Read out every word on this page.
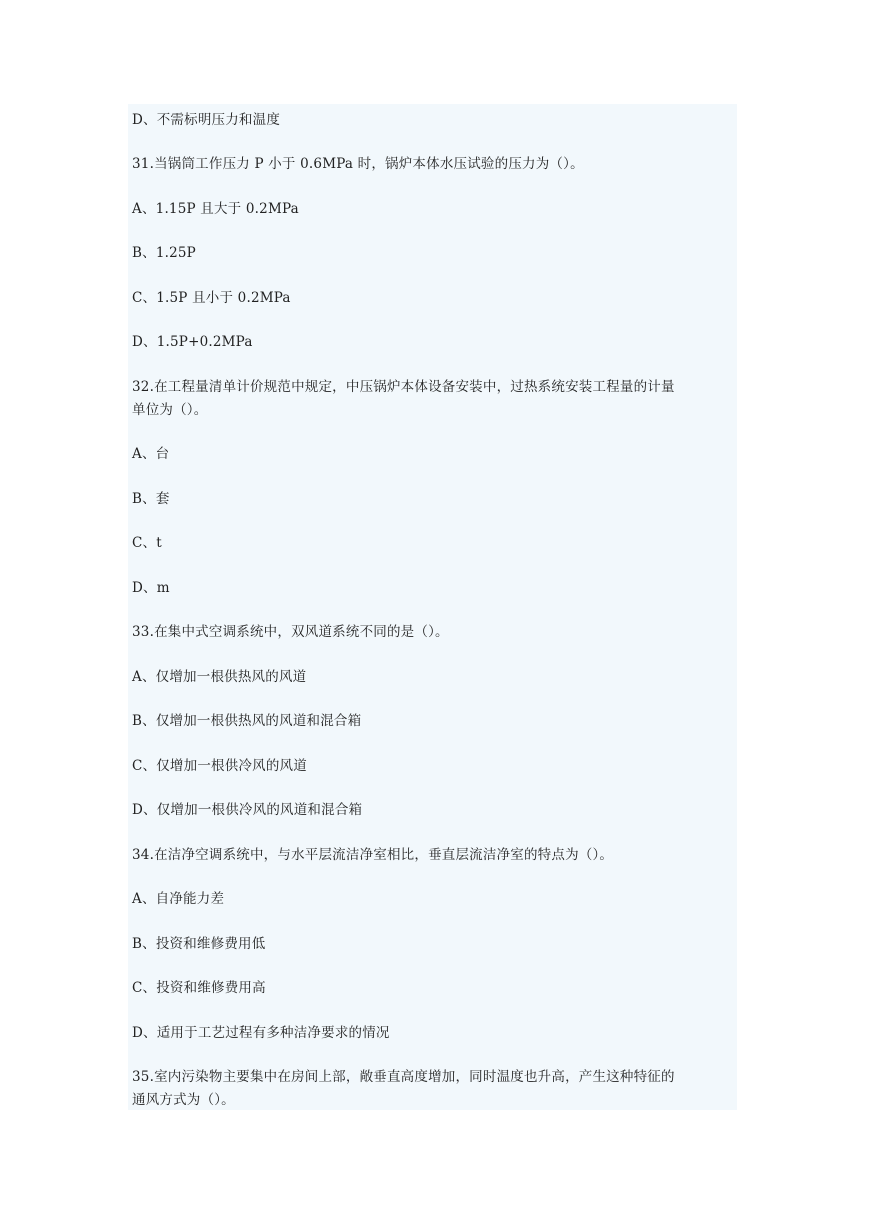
D、不需标明压力和温度
31.当锅筒工作压力 P 小于 0.6MPa 时，锅炉本体水压试验的压力为（）。
A、1.15P 且大于 0.2MPa
B、1.25P
C、1.5P 且小于 0.2MPa
D、1.5P+0.2MPa
32.在工程量清单计价规范中规定，中压锅炉本体设备安装中，过热系统安装工程量的计量
单位为（）。
A、台
B、套
C、t
D、m
33.在集中式空调系统中，双风道系统不同的是（）。
A、仅增加一根供热风的风道
B、仅增加一根供热风的风道和混合箱
C、仅增加一根供冷风的风道
D、仅增加一根供冷风的风道和混合箱
34.在洁净空调系统中，与水平层流洁净室相比，垂直层流洁净室的特点为（）。
A、自净能力差
B、投资和维修费用低
C、投资和维修费用高
D、适用于工艺过程有多种洁净要求的情况
35.室内污染物主要集中在房间上部，敞垂直高度增加，同时温度也升高，产生这种特征的
通风方式为（）。
